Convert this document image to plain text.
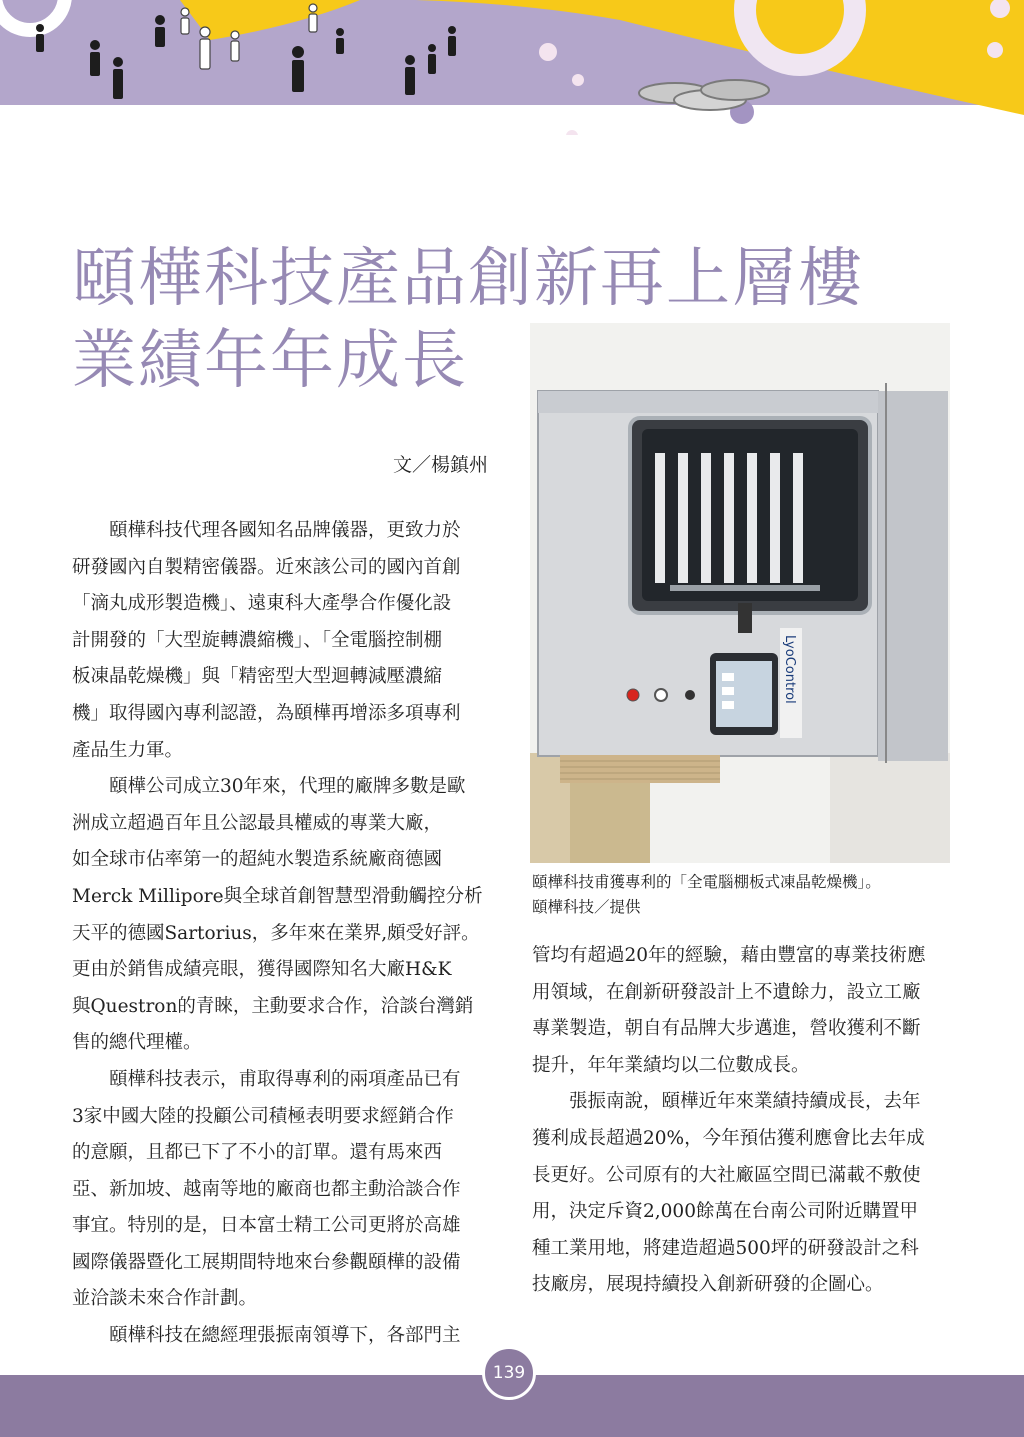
頤樺科技產品創新再上層樓
業績年年成長
文／楊鎮州

　　頤樺科技代理各國知名品牌儀器，更致力於
研發國內自製精密儀器。近來該公司的國內首創
「滴丸成形製造機」、遠東科大產學合作優化設
計開發的「大型旋轉濃縮機」、「全電腦控制棚
板凍晶乾燥機」與「精密型大型迴轉減壓濃縮
機」取得國內專利認證，為頤樺再增添多項專利
產品生力軍。

　　頤樺公司成立30年來，代理的廠牌多數是歐
洲成立超過百年且公認最具權威的專業大廠，
如全球市佔率第一的超純水製造系統廠商德國
Merck Millipore與全球首創智慧型滑動觸控分析
天平的德國Sartorius，多年來在業界,頗受好評。
更由於銷售成績亮眼，獲得國際知名大廠H&K
與Questron的青睞，主動要求合作，洽談台灣銷
售的總代理權。

　　頤樺科技表示，甫取得專利的兩項產品已有
3家中國大陸的投顧公司積極表明要求經銷合作
的意願，且都已下了不小的訂單。還有馬來西
亞、新加坡、越南等地的廠商也都主動洽談合作
事宜。特別的是，日本富士精工公司更將於高雄
國際儀器暨化工展期間特地來台參觀頤樺的設備
並洽談未來合作計劃。

　　頤樺科技在總經理張振南領導下，各部門主

LyoControl
頤樺科技甫獲專利的「全電腦棚板式凍晶乾燥機」。
頤樺科技／提供

管均有超過20年的經驗，藉由豐富的專業技術應
用領域，在創新研發設計上不遺餘力，設立工廠
專業製造，朝自有品牌大步邁進，營收獲利不斷
提升，年年業績均以二位數成長。

　　張振南說，頤樺近年來業績持續成長，去年
獲利成長超過20%，今年預估獲利應會比去年成
長更好。公司原有的大社廠區空間已滿載不敷使
用，決定斥資2,000餘萬在台南公司附近購置甲
種工業用地，將建造超過500坪的研發設計之科
技廠房，展現持續投入創新研發的企圖心。

139
